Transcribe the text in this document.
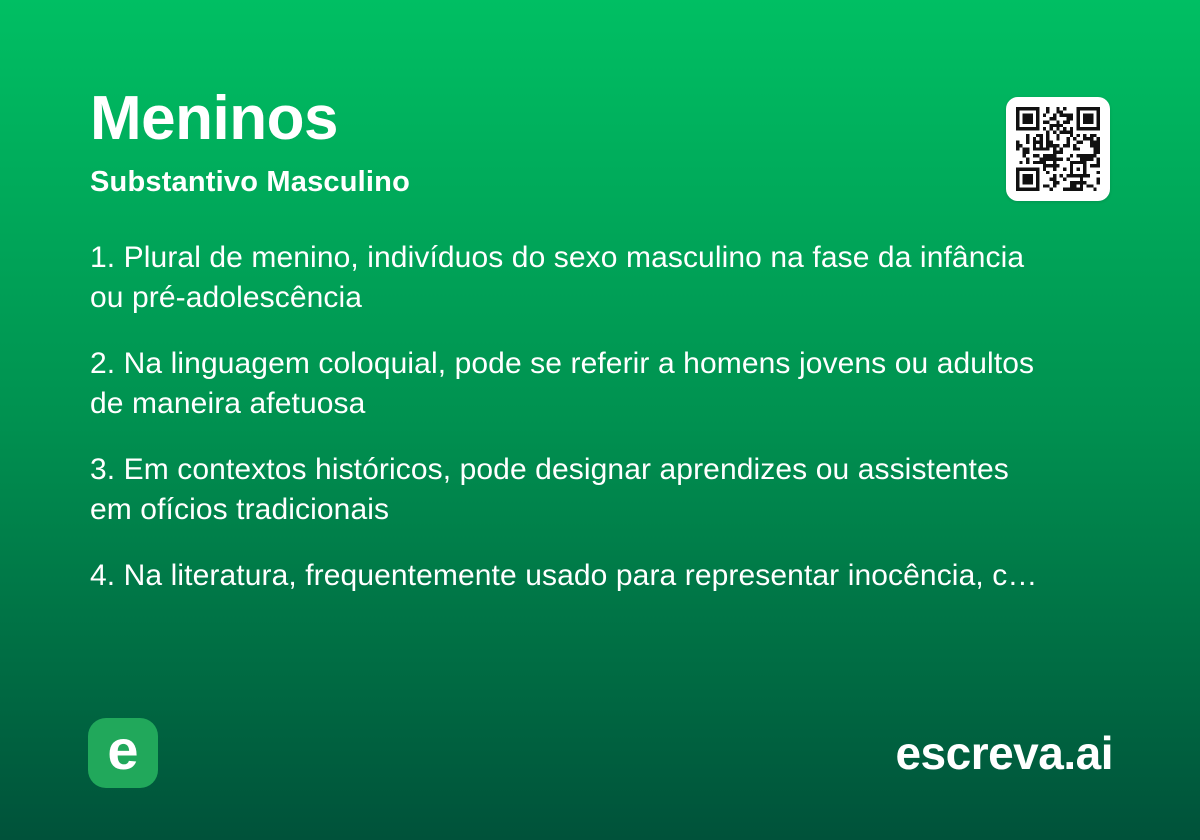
Meninos
Substantivo Masculino

1. Plural de menino, indivíduos do sexo masculino na fase da infância ou pré-adolescência

2. Na linguagem coloquial, pode se referir a homens jovens ou adultos de maneira afetuosa

3. Em contextos históricos, pode designar aprendizes ou assistentes em ofícios tradicionais

4. Na literatura, frequentemente usado para representar inocência, c…

e	escreva.ai
